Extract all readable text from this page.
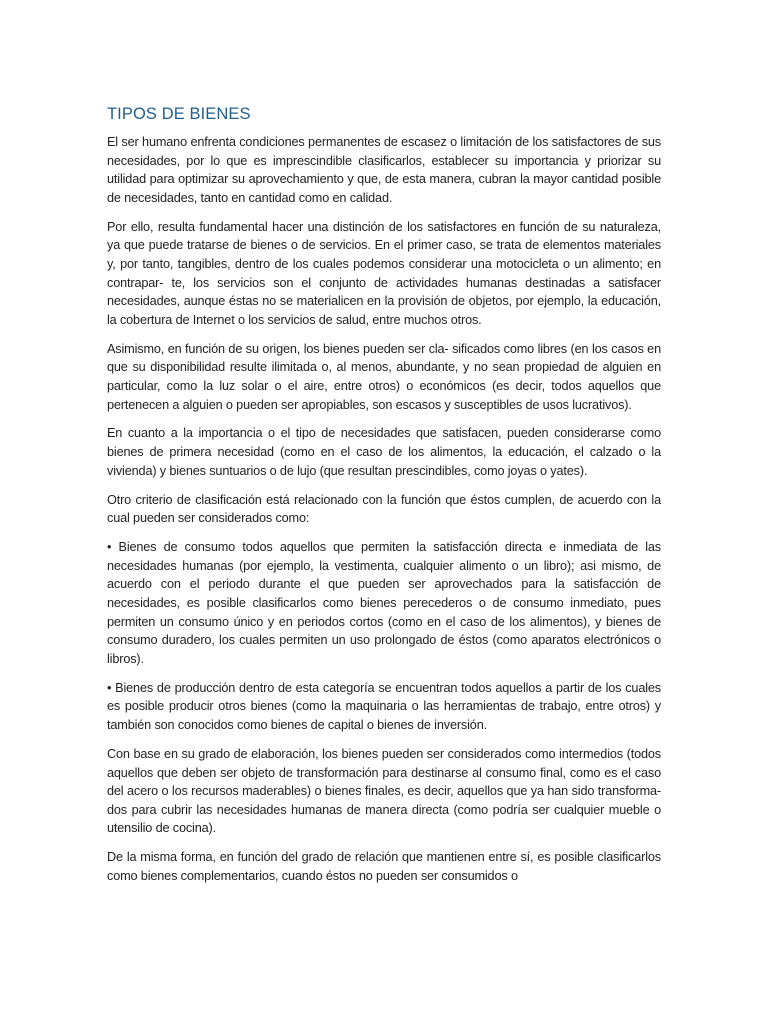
TIPOS DE BIENES

El ser humano enfrenta condiciones permanentes de escasez o limitación de los satisfactores de sus necesidades, por lo que es imprescindible clasificarlos, establecer su importancia y priorizar su utilidad para optimizar su aprovechamiento y que, de esta manera, cubran la mayor cantidad posible de necesidades, tanto en cantidad como en calidad.

Por ello, resulta fundamental hacer una distinción de los satisfactores en función de su naturaleza, ya que puede tratarse de bienes o de servicios. En el primer caso, se trata de elementos materiales y, por tanto, tangibles, dentro de los cuales podemos considerar una motocicleta o un alimento; en contrapar- te, los servicios son el conjunto de actividades humanas destinadas a satisfacer necesidades, aunque éstas no se materialicen en la provisión de objetos, por ejemplo, la educación, la cobertura de Internet o los servicios de salud, entre muchos otros.

Asimismo, en función de su origen, los bienes pueden ser cla- sificados como libres (en los casos en que su disponibilidad resulte ilimitada o, al menos, abundante, y no sean propiedad de alguien en particular, como la luz solar o el aire, entre otros) o económicos (es decir, todos aquellos que pertenecen a alguien o pueden ser apropiables, son escasos y susceptibles de usos lucrativos).

En cuanto a la importancia o el tipo de necesidades que satisfacen, pueden considerarse como bienes de primera necesidad (como en el caso de los alimentos, la educación, el calzado o la vivienda) y bienes suntuarios o de lujo (que resultan prescindibles, como joyas o yates).

Otro criterio de clasificación está relacionado con la función que éstos cumplen, de acuerdo con la cual pueden ser considerados como:

• Bienes de consumo todos aquellos que permiten la satisfacción directa e inmediata de las necesidades humanas (por ejemplo, la vestimenta, cualquier alimento o un libro); asi mismo, de acuerdo con el periodo durante el que pueden ser aprovechados para la satisfacción de necesidades, es posible clasificarlos como bienes perecederos o de consumo inmediato, pues permiten un consumo único y en periodos cortos (como en el caso de los alimentos), y bienes de consumo duradero, los cuales permiten un uso prolongado de éstos (como aparatos electrónicos o libros).

• Bienes de producción dentro de esta categoría se encuentran todos aquellos a partir de los cuales es posible producir otros bienes (como la maquinaria o las herramientas de trabajo, entre otros) y también son conocidos como bienes de capital o bienes de inversión.

Con base en su grado de elaboración, los bienes pueden ser considerados como intermedios (todos aquellos que deben ser objeto de transformación para destinarse al consumo final, como es el caso del acero o los recursos maderables) o bienes finales, es decir, aquellos que ya han sido transforma- dos para cubrir las necesidades humanas de manera directa (como podría ser cualquier mueble o utensilio de cocina).

De la misma forma, en función del grado de relación que mantienen entre sí, es posible clasificarlos como bienes complementarios, cuando éstos no pueden ser consumidos o
